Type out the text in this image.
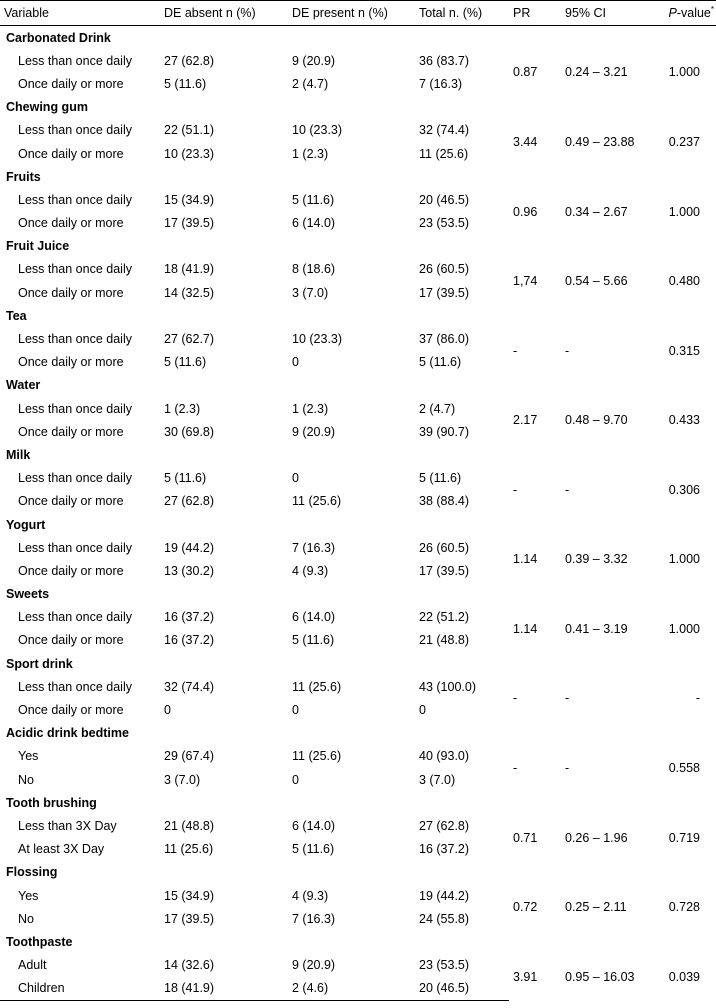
Variable	DE absent n (%)	DE present n (%)	Total n. (%)	PR	95% CI	P-value*
Carbonated Drink						
Less than once daily	27 (62.8)	9 (20.9)	36 (83.7)	0.87	0.24 – 3.21	1.000
Once daily or more	5 (11.6)	2 (4.7)	7 (16.3)			
Chewing gum						
Less than once daily	22 (51.1)	10 (23.3)	32 (74.4)	3.44	0.49 – 23.88	0.237
Once daily or more	10 (23.3)	1 (2.3)	11 (25.6)			
Fruits						
Less than once daily	15 (34.9)	5 (11.6)	20 (46.5)	0.96	0.34 – 2.67	1.000
Once daily or more	17 (39.5)	6 (14.0)	23 (53.5)			
Fruit Juice						
Less than once daily	18 (41.9)	8 (18.6)	26 (60.5)	1,74	0.54 – 5.66	0.480
Once daily or more	14 (32.5)	3 (7.0)	17 (39.5)			
Tea						
Less than once daily	27 (62.7)	10 (23.3)	37 (86.0)	-	-	0.315
Once daily or more	5 (11.6)	0	5 (11.6)			
Water						
Less than once daily	1 (2.3)	1 (2.3)	2 (4.7)	2.17	0.48 – 9.70	0.433
Once daily or more	30 (69.8)	9 (20.9)	39 (90.7)			
Milk						
Less than once daily	5 (11.6)	0	5 (11.6)	-	-	0.306
Once daily or more	27 (62.8)	11 (25.6)	38 (88.4)			
Yogurt						
Less than once daily	19 (44.2)	7 (16.3)	26 (60.5)	1.14	0.39 – 3.32	1.000
Once daily or more	13 (30.2)	4 (9.3)	17 (39.5)			
Sweets						
Less than once daily	16 (37.2)	6 (14.0)	22 (51.2)	1.14	0.41 – 3.19	1.000
Once daily or more	16 (37.2)	5 (11.6)	21 (48.8)			
Sport drink						
Less than once daily	32 (74.4)	11 (25.6)	43 (100.0)	-	-	-
Once daily or more	0	0	0			
Acidic drink bedtime						
Yes	29 (67.4)	11 (25.6)	40 (93.0)	-	-	0.558
No	3 (7.0)	0	3 (7.0)			
Tooth brushing						
Less than 3X Day	21 (48.8)	6 (14.0)	27 (62.8)	0.71	0.26 – 1.96	0.719
At least 3X Day	11 (25.6)	5 (11.6)	16 (37.2)			
Flossing						
Yes	15 (34.9)	4 (9.3)	19 (44.2)	0.72	0.25 – 2.11	0.728
No	17 (39.5)	7 (16.3)	24 (55.8)			
Toothpaste						
Adult	14 (32.6)	9 (20.9)	23 (53.5)	3.91	0.95 – 16.03	0.039
Children	18 (41.9)	2 (4.6)	20 (46.5)			
